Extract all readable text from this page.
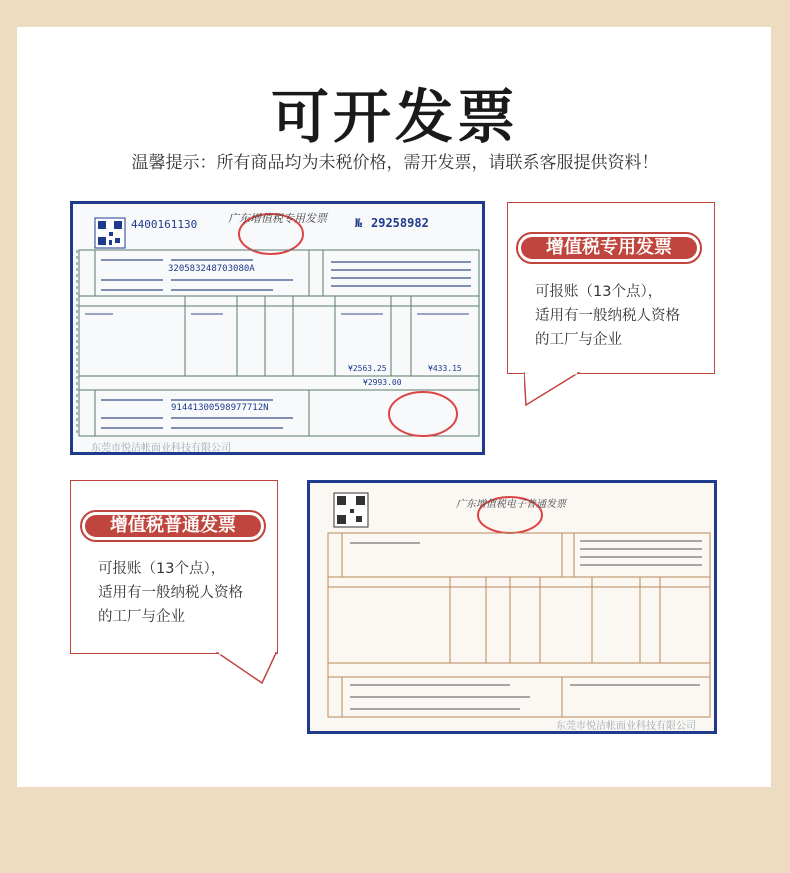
可开发票
温馨提示：所有商品均为未税价格，需开发票，请联系客服提供资料！
4400161130	广东增值税专用发票 № 29258982
320583248703080A
91441300598977712N
¥2563.25	¥433.15
¥2993.00
东莞市悦洁帐面业科技有限公司
增值税专用发票
可报账（13个点），
适用有一般纳税人资格
的工厂与企业
广东增值税电子普通发票
东莞市悦洁帐面业科技有限公司
增值税普通发票
可报账（13个点），
适用有一般纳税人资格
的工厂与企业
